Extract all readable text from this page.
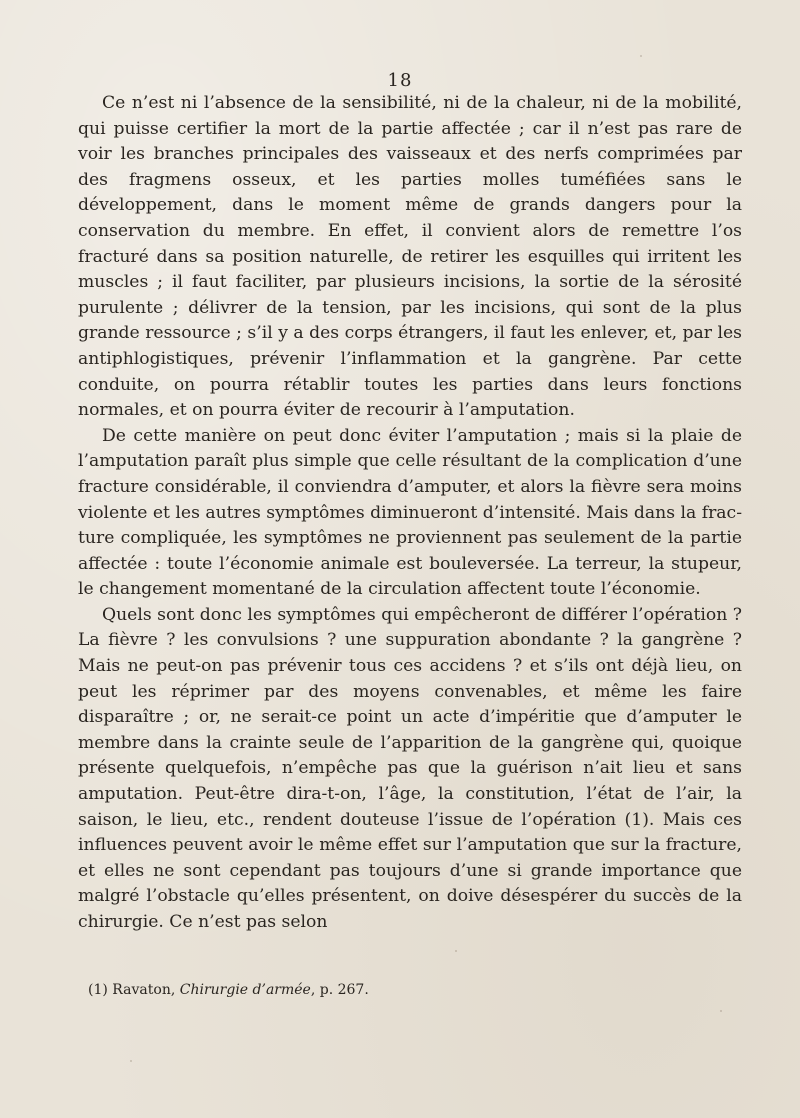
18

Ce n’est ni l’absence de la sensibilité, ni de la chaleur, ni de la mobilité, qui puisse certifier la mort de la partie affectée ; car il n’est pas rare de voir les branches principales des vaisseaux et des nerfs comprimées par des fragmens osseux, et les parties molles tuméfiées sans le développement, dans le moment même de grands dangers pour la conservation du membre. En effet, il convient alors de remettre l’os fracturé dans sa position naturelle, de retirer les esquilles qui irritent les muscles ; il faut faciliter, par plusieurs incisions, la sortie de la sérosité purulente ; délivrer de la tension, par les incisions, qui sont de la plus grande ressource ; s’il y a des corps étrangers, il faut les enlever, et, par les antiphlogistiques, prévenir l’inflammation et la gangrène. Par cette conduite, on pourra rétablir toutes les parties dans leurs fonctions normales, et on pourra éviter de recourir à l’amputation.

De cette manière on peut donc éviter l’amputation ; mais si la plaie de l’amputation paraît plus simple que celle résultant de la complication d’une fracture considérable, il conviendra d’amputer, et alors la fièvre sera moins violente et les autres symptômes diminueront d’intensité. Mais dans la fracture compliquée, les symptômes ne proviennent pas seulement de la partie affectée : toute l’économie animale est bouleversée. La terreur, la stupeur, le changement momentané de la circulation affectent toute l’économie.

Quels sont donc les symptômes qui empêcheront de différer l’opération ? La fièvre ? les convulsions ? une suppuration abondante ? la gangrène ? Mais ne peut-on pas prévenir tous ces accidens ? et s’ils ont déjà lieu, on peut les réprimer par des moyens convenables, et même les faire disparaître ; or, ne serait-ce point un acte d’impéritie que d’amputer le membre dans la crainte seule de l’apparition de la gangrène qui, quoique présente quelquefois, n’empêche pas que la guérison n’ait lieu et sans amputation. Peut-être dira-t-on, l’âge, la constitution, l’état de l’air, la saison, le lieu, etc., rendent douteuse l’issue de l’opération (1). Mais ces influences peuvent avoir le même effet sur l’amputation que sur la fracture, et elles ne sont cependant pas toujours d’une si grande importance que malgré l’obstacle qu’elles présentent, on doive désespérer du succès de la chirurgie. Ce n’est pas selon

(1) Ravaton, Chirurgie d’armée, p. 267.
